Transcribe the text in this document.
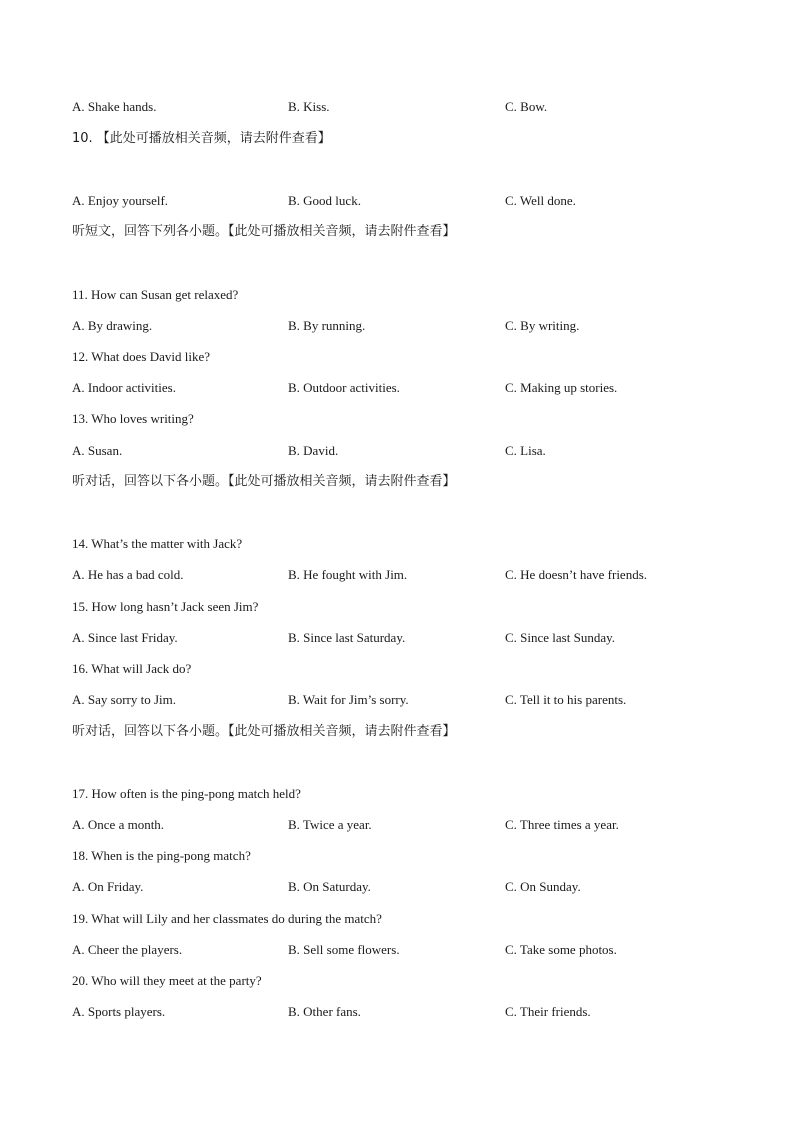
A. Shake hands.	B. Kiss.	C. Bow.
10. 【此处可播放相关音频，请去附件查看】
A. Enjoy yourself.	B. Good luck.	C. Well done.
听短文，回答下列各小题。【此处可播放相关音频，请去附件查看】
11. How can Susan get relaxed?
A. By drawing.	B. By running.	C. By writing.
12. What does David like?
A. Indoor activities.	B. Outdoor activities.	C. Making up stories.
13. Who loves writing?
A. Susan.	B. David.	C. Lisa.
听对话，回答以下各小题。【此处可播放相关音频，请去附件查看】
14. What’s the matter with Jack?
A. He has a bad cold.	B. He fought with Jim.	C. He doesn’t have friends.
15. How long hasn’t Jack seen Jim?
A. Since last Friday.	B. Since last Saturday.	C. Since last Sunday.
16. What will Jack do?
A. Say sorry to Jim.	B. Wait for Jim’s sorry.	C. Tell it to his parents.
听对话，回答以下各小题。【此处可播放相关音频，请去附件查看】
17. How often is the ping-pong match held?
A. Once a month.	B. Twice a year.	C. Three times a year.
18. When is the ping-pong match?
A. On Friday.	B. On Saturday.	C. On Sunday.
19. What will Lily and her classmates do during the match?
A. Cheer the players.	B. Sell some flowers.	C. Take some photos.
20. Who will they meet at the party?
A. Sports players.	B. Other fans.	C. Their friends.
